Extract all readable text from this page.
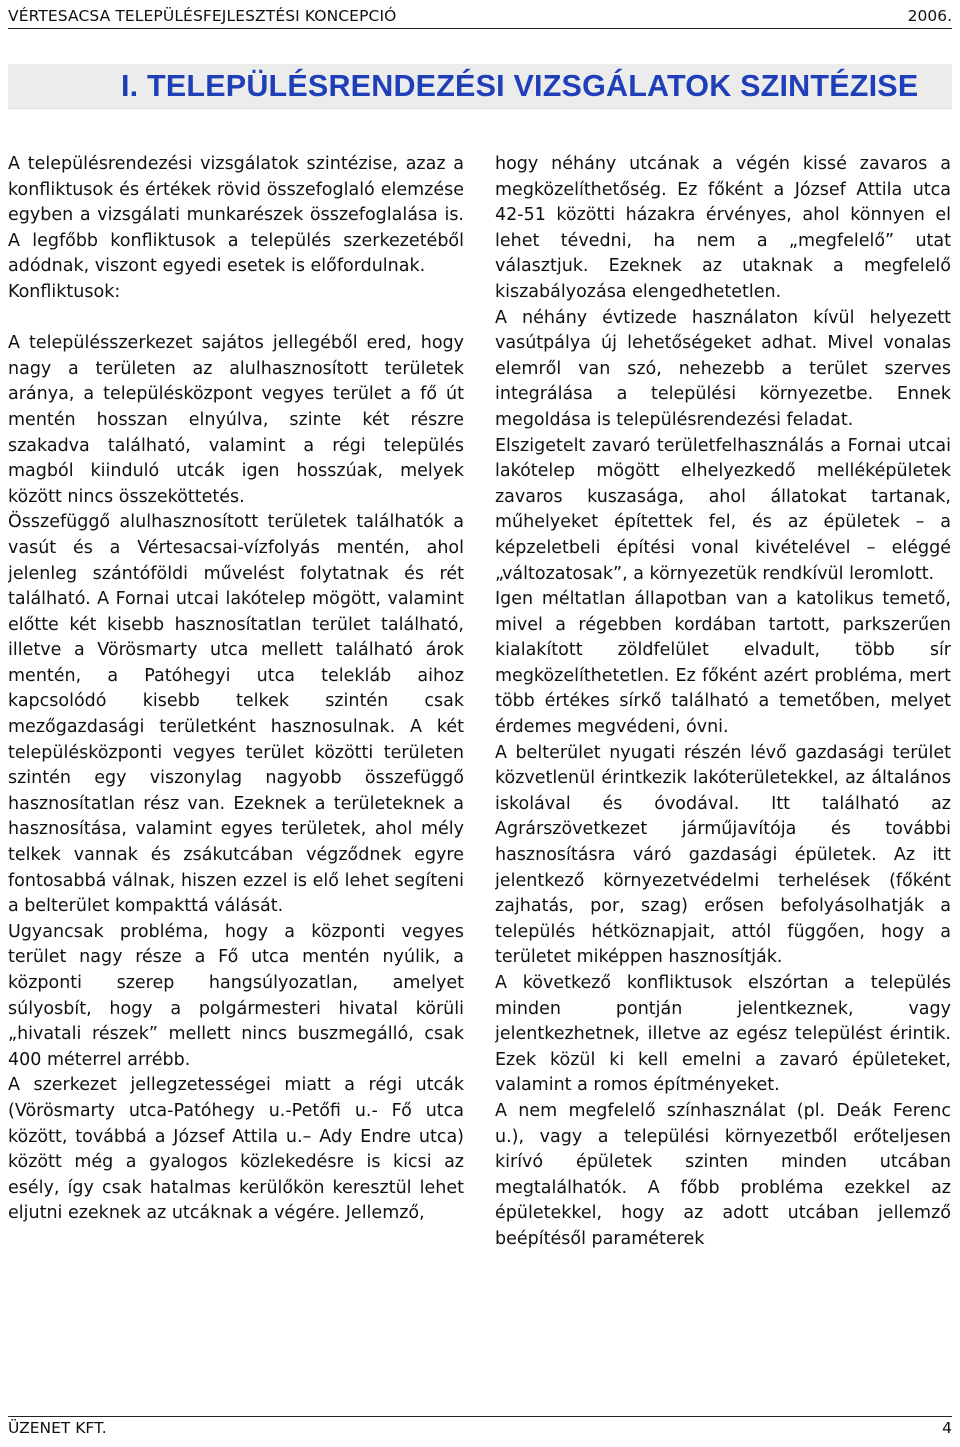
VÉRTESACSA TELEPÜLÉSFEJLESZTÉSI KONCEPCIÓ	2006.
I. TELEPÜLÉSRENDEZÉSI VIZSGÁLATOK SZINTÉZISE

A településrendezési vizsgálatok szintézise, azaz a konfliktusok és értékek rövid összefoglaló elemzése egyben a vizsgálati munkarészek összefoglalása is. A legfőbb konfliktusok a település szerkezetéből adódnak, viszont egyedi esetek is előfordulnak.

Konfliktusok:

A településszerkezet sajátos jellegéből ered, hogy nagy a területen az alulhasznosított területek aránya, a településközpont vegyes terület a fő út mentén hosszan elnyúlva, szinte két részre szakadva található, valamint a régi település magból kiinduló utcák igen hosszúak, melyek között nincs összeköttetés.

Összefüggő alulhasznosított területek találhatók a vasút és a Vértesacsai-vízfolyás mentén, ahol jelenleg szántóföldi művelést folytatnak és rét található. A Fornai utcai lakótelep mögött, valamint előtte két kisebb hasznosítatlan terület található, illetve a Vörösmarty utca mellett található árok mentén, a Patóhegyi utca telekláb aihoz kapcsolódó kisebb telkek szintén csak mezőgazdasági területként hasznosulnak. A két településközponti vegyes terület közötti területen szintén egy viszonylag nagyobb összefüggő hasznosítatlan rész van. Ezeknek a területeknek a hasznosítása, valamint egyes területek, ahol mély telkek vannak és zsákutcában végződnek egyre fontosabbá válnak, hiszen ezzel is elő lehet segíteni a belterület kompakttá válását.

Ugyancsak probléma, hogy a központi vegyes terület nagy része a Fő utca mentén nyúlik, a központi szerep hangsúlyozatlan, amelyet súlyosbít, hogy a polgármesteri hivatal körüli „hivatali részek” mellett nincs buszmegálló, csak 400 méterrel arrébb.

A szerkezet jellegzetességei miatt a régi utcák (Vörösmarty utca-Patóhegy u.-Petőfi u.- Fő utca között, továbbá a József Attila u.– Ady Endre utca) között még a gyalogos közlekedésre is kicsi az esély, így csak hatalmas kerülőkön keresztül lehet eljutni ezeknek az utcáknak a végére. Jellemző,

hogy néhány utcának a végén kissé zavaros a megközelíthetőség. Ez főként a József Attila utca 42-51 közötti házakra érvényes, ahol könnyen el lehet tévedni, ha nem a „megfelelő” utat választjuk. Ezeknek az utaknak a megfelelő kiszabályozása elengedhetetlen.

A néhány évtizede használaton kívül helyezett vasútpálya új lehetőségeket adhat. Mivel vonalas elemről van szó, nehezebb a terület szerves integrálása a települési környezetbe. Ennek megoldása is településrendezési feladat.

Elszigetelt zavaró területfelhasználás a Fornai utcai lakótelep mögött elhelyezkedő melléképületek zavaros kuszasága, ahol állatokat tartanak, műhelyeket építettek fel, és az épületek – a képzeletbeli építési vonal kivételével – eléggé „változatosak”, a környezetük rendkívül leromlott.

Igen méltatlan állapotban van a katolikus temető, mivel a régebben kordában tartott, parkszerűen kialakított zöldfelület elvadult, több sír megközelíthetetlen. Ez főként azért probléma, mert több értékes sírkő található a temetőben, melyet érdemes megvédeni, óvni.

A belterület nyugati részén lévő gazdasági terület közvetlenül érintkezik lakóterületekkel, az általános iskolával és óvodával. Itt található az Agrárszövetkezet járműjavítója és további hasznosításra váró gazdasági épületek. Az itt jelentkező környezetvédelmi terhelések (főként zajhatás, por, szag) erősen befolyásolhatják a település hétköznapjait, attól függően, hogy a területet miképpen hasznosítják.

A következő konfliktusok elszórtan a település minden pontján jelentkeznek, vagy jelentkezhetnek, illetve az egész települést érintik. Ezek közül ki kell emelni a zavaró épületeket, valamint a romos építményeket.

A nem megfelelő színhasználat (pl. Deák Ferenc u.), vagy a települési környezetből erőteljesen kirívó épületek szinten minden utcában megtalálhatók. A főbb probléma ezekkel az épületekkel, hogy az adott utcában jellemző beépítésől paraméterek

ÜZENET KFT.	4
